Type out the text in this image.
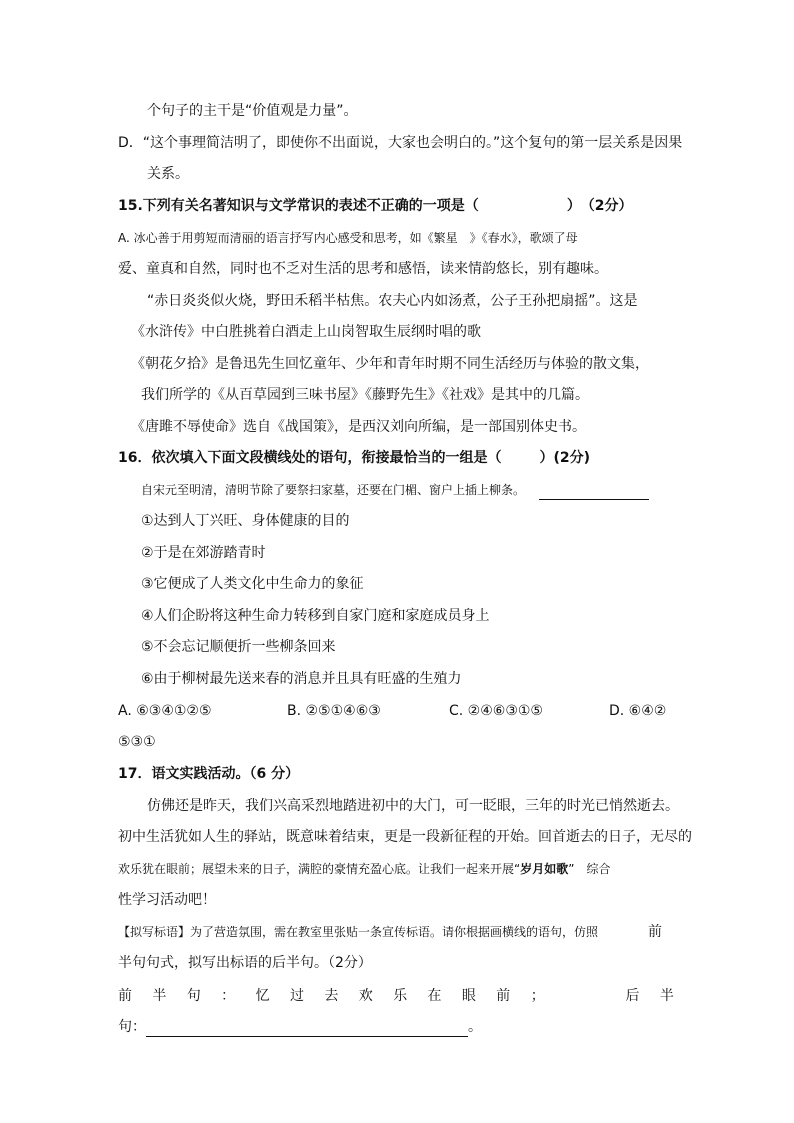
个句子的主干是“价值观是力量”。
D．“这个事理简洁明了，即使你不出面说，大家也会明白的。”这个复句的第一层关系是因果
关系。
15.下列有关名著知识与文学常识的表述不正确的一项是（	）　（2分）
A. 冰心善于用剪短而清丽的语言抒写内心感受和思考，如《繁星　》《春水》，歌颂了母
爱、童真和自然，同时也不乏对生活的思考和感悟，读来情韵悠长，别有趣味。
“赤日炎炎似火烧，野田禾稻半枯焦。农夫心内如汤煮，公子王孙把扇摇”。这是
《水浒传》中白胜挑着白酒走上山岗智取生辰纲时唱的歌
《朝花夕拾》是鲁迅先生回忆童年、少年和青年时期不同生活经历与体验的散文集，
我们所学的《从百草园到三味书屋》《藤野先生》《社戏》是其中的几篇。
《唐雎不辱使命》选自《战国策》，是西汉刘向所编，是一部国别体史书。
16．依次填入下面文段横线处的语句，衔接最恰当的一组是（	）(2分)
自宋元至明清，清明节除了要祭扫家墓，还要在门楣、窗户上插上柳条。
①达到人丁兴旺、身体健康的目的
②于是在郊游踏青时
③它便成了人类文化中生命力的象征
④人们企盼将这种生命力转移到自家门庭和家庭成员身上
⑤不会忘记顺便折一些柳条回来
⑥由于柳树最先送来春的消息并且具有旺盛的生殖力
A. ⑥③④①②⑤	B. ②⑤①④⑥③	C. ②④⑥③①⑤	D. ⑥④②
⑤③①
17．语文实践活动。（6 分）
仿佛还是昨天，我们兴高采烈地踏进初中的大门，可一眨眼，三年的时光已悄然逝去。
初中生活犹如人生的驿站，既意味着结束，更是一段新征程的开始。回首逝去的日子，无尽的
欢乐犹在眼前；展望未来的日子，满腔的豪情充盈心底。让我们一起来开展“岁月如歌”　综合
性学习活动吧！
【拟写标语】为了营造氛围，需在教室里张贴一条宣传标语。请你根据画横线的语句，仿照	前
半句句式，拟写出标语的后半句。（2分）
前 半 句 ： 忆 过 去 欢 乐 在 眼 前 ；	后 半
句：	。
